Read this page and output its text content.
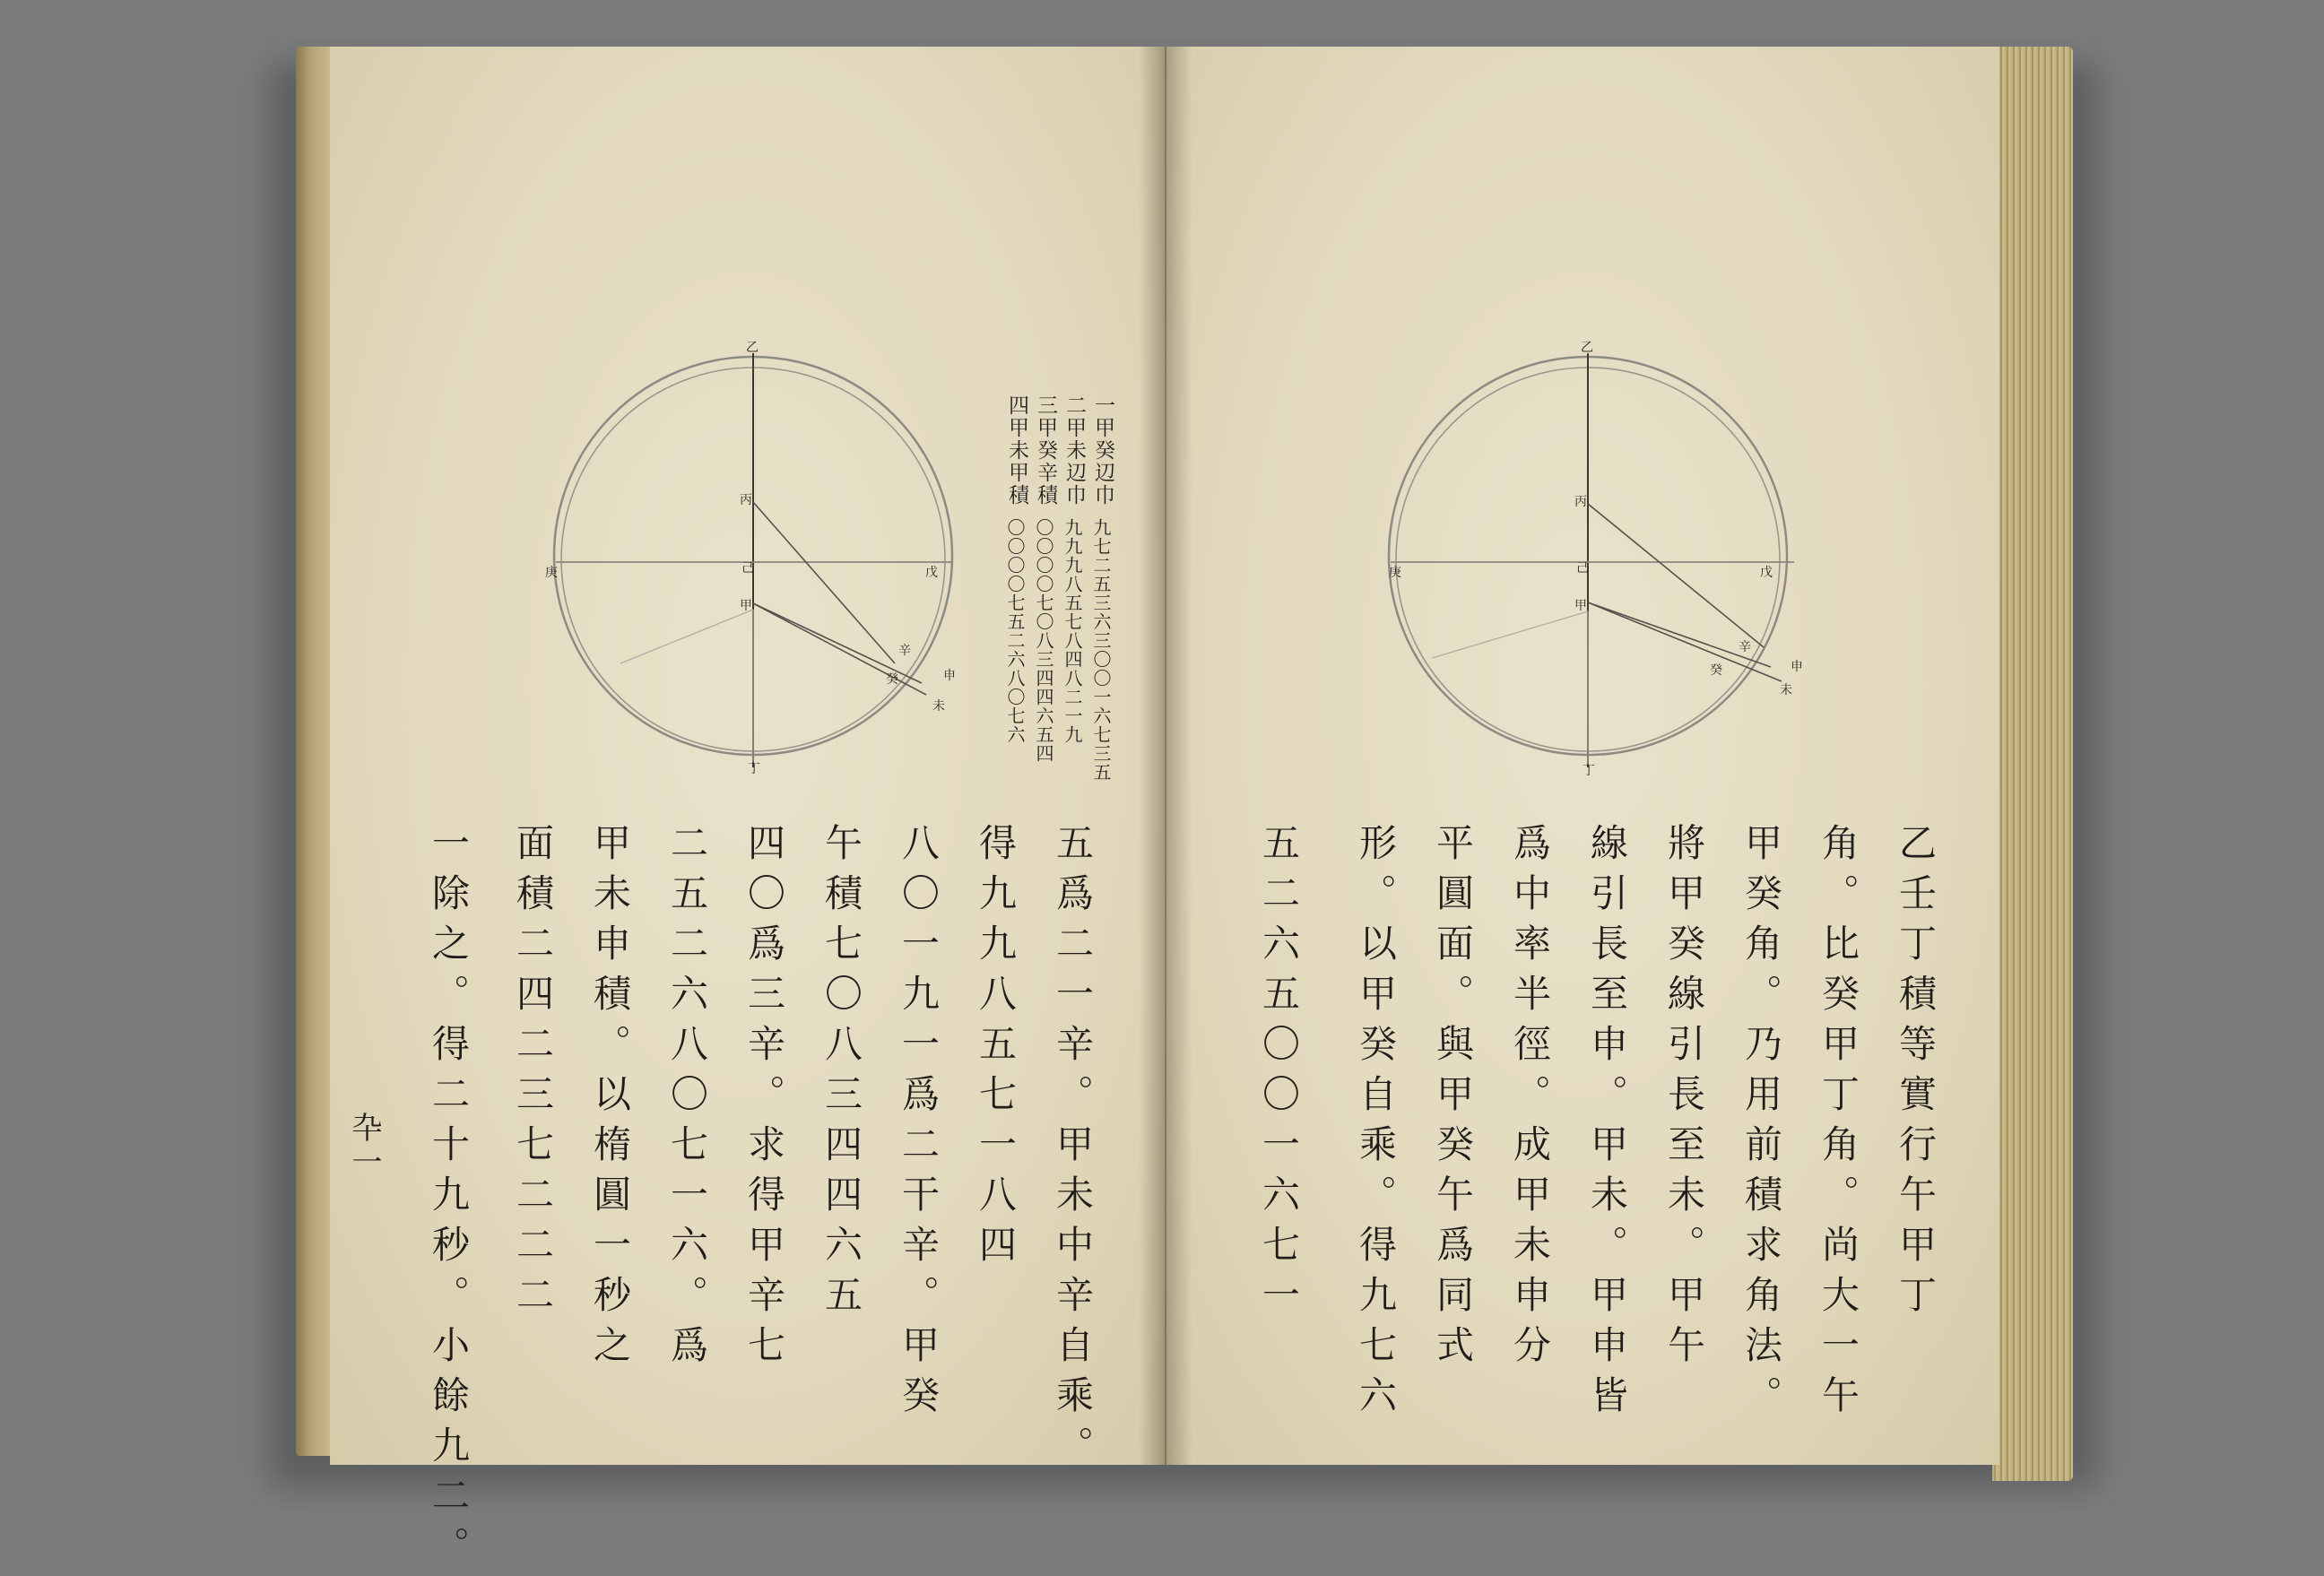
乙
丁
庚	戊
丙
己
甲
辛
申
癸
未
一甲癸辺巾
二甲未辺巾
三甲癸辛積
四甲未甲積
九七二五三六三〇〇一六七三五
九九九八五七八四八二一九
〇〇〇〇七〇八三四四六五四
〇〇〇〇七五二六八〇七六
五爲二一辛。甲未中辛自乘。
得九九八五七一八四
八〇一九一爲二干辛。甲癸
午積七〇八三四四六五
四〇爲三辛。求得甲辛七
二五二六八〇七一六。爲
甲未申積。以楕圓一秒之
面積二四二三七二二二
一除之。得二十九秒。小餘九二。
卆一
乙
丁
庚	戊
丙
己
甲
辛
申
癸
未
乙壬丁積等實行午甲丁
角。比癸甲丁角。尚大一午
甲癸角。乃用前積求角法。
將甲癸線引長至未。甲午
線引長至申。甲未。甲申皆
爲中率半徑。成甲未申分
平圓面。與甲癸午爲同式
形。以甲癸自乘。得九七六
五二六五〇〇一六七一
